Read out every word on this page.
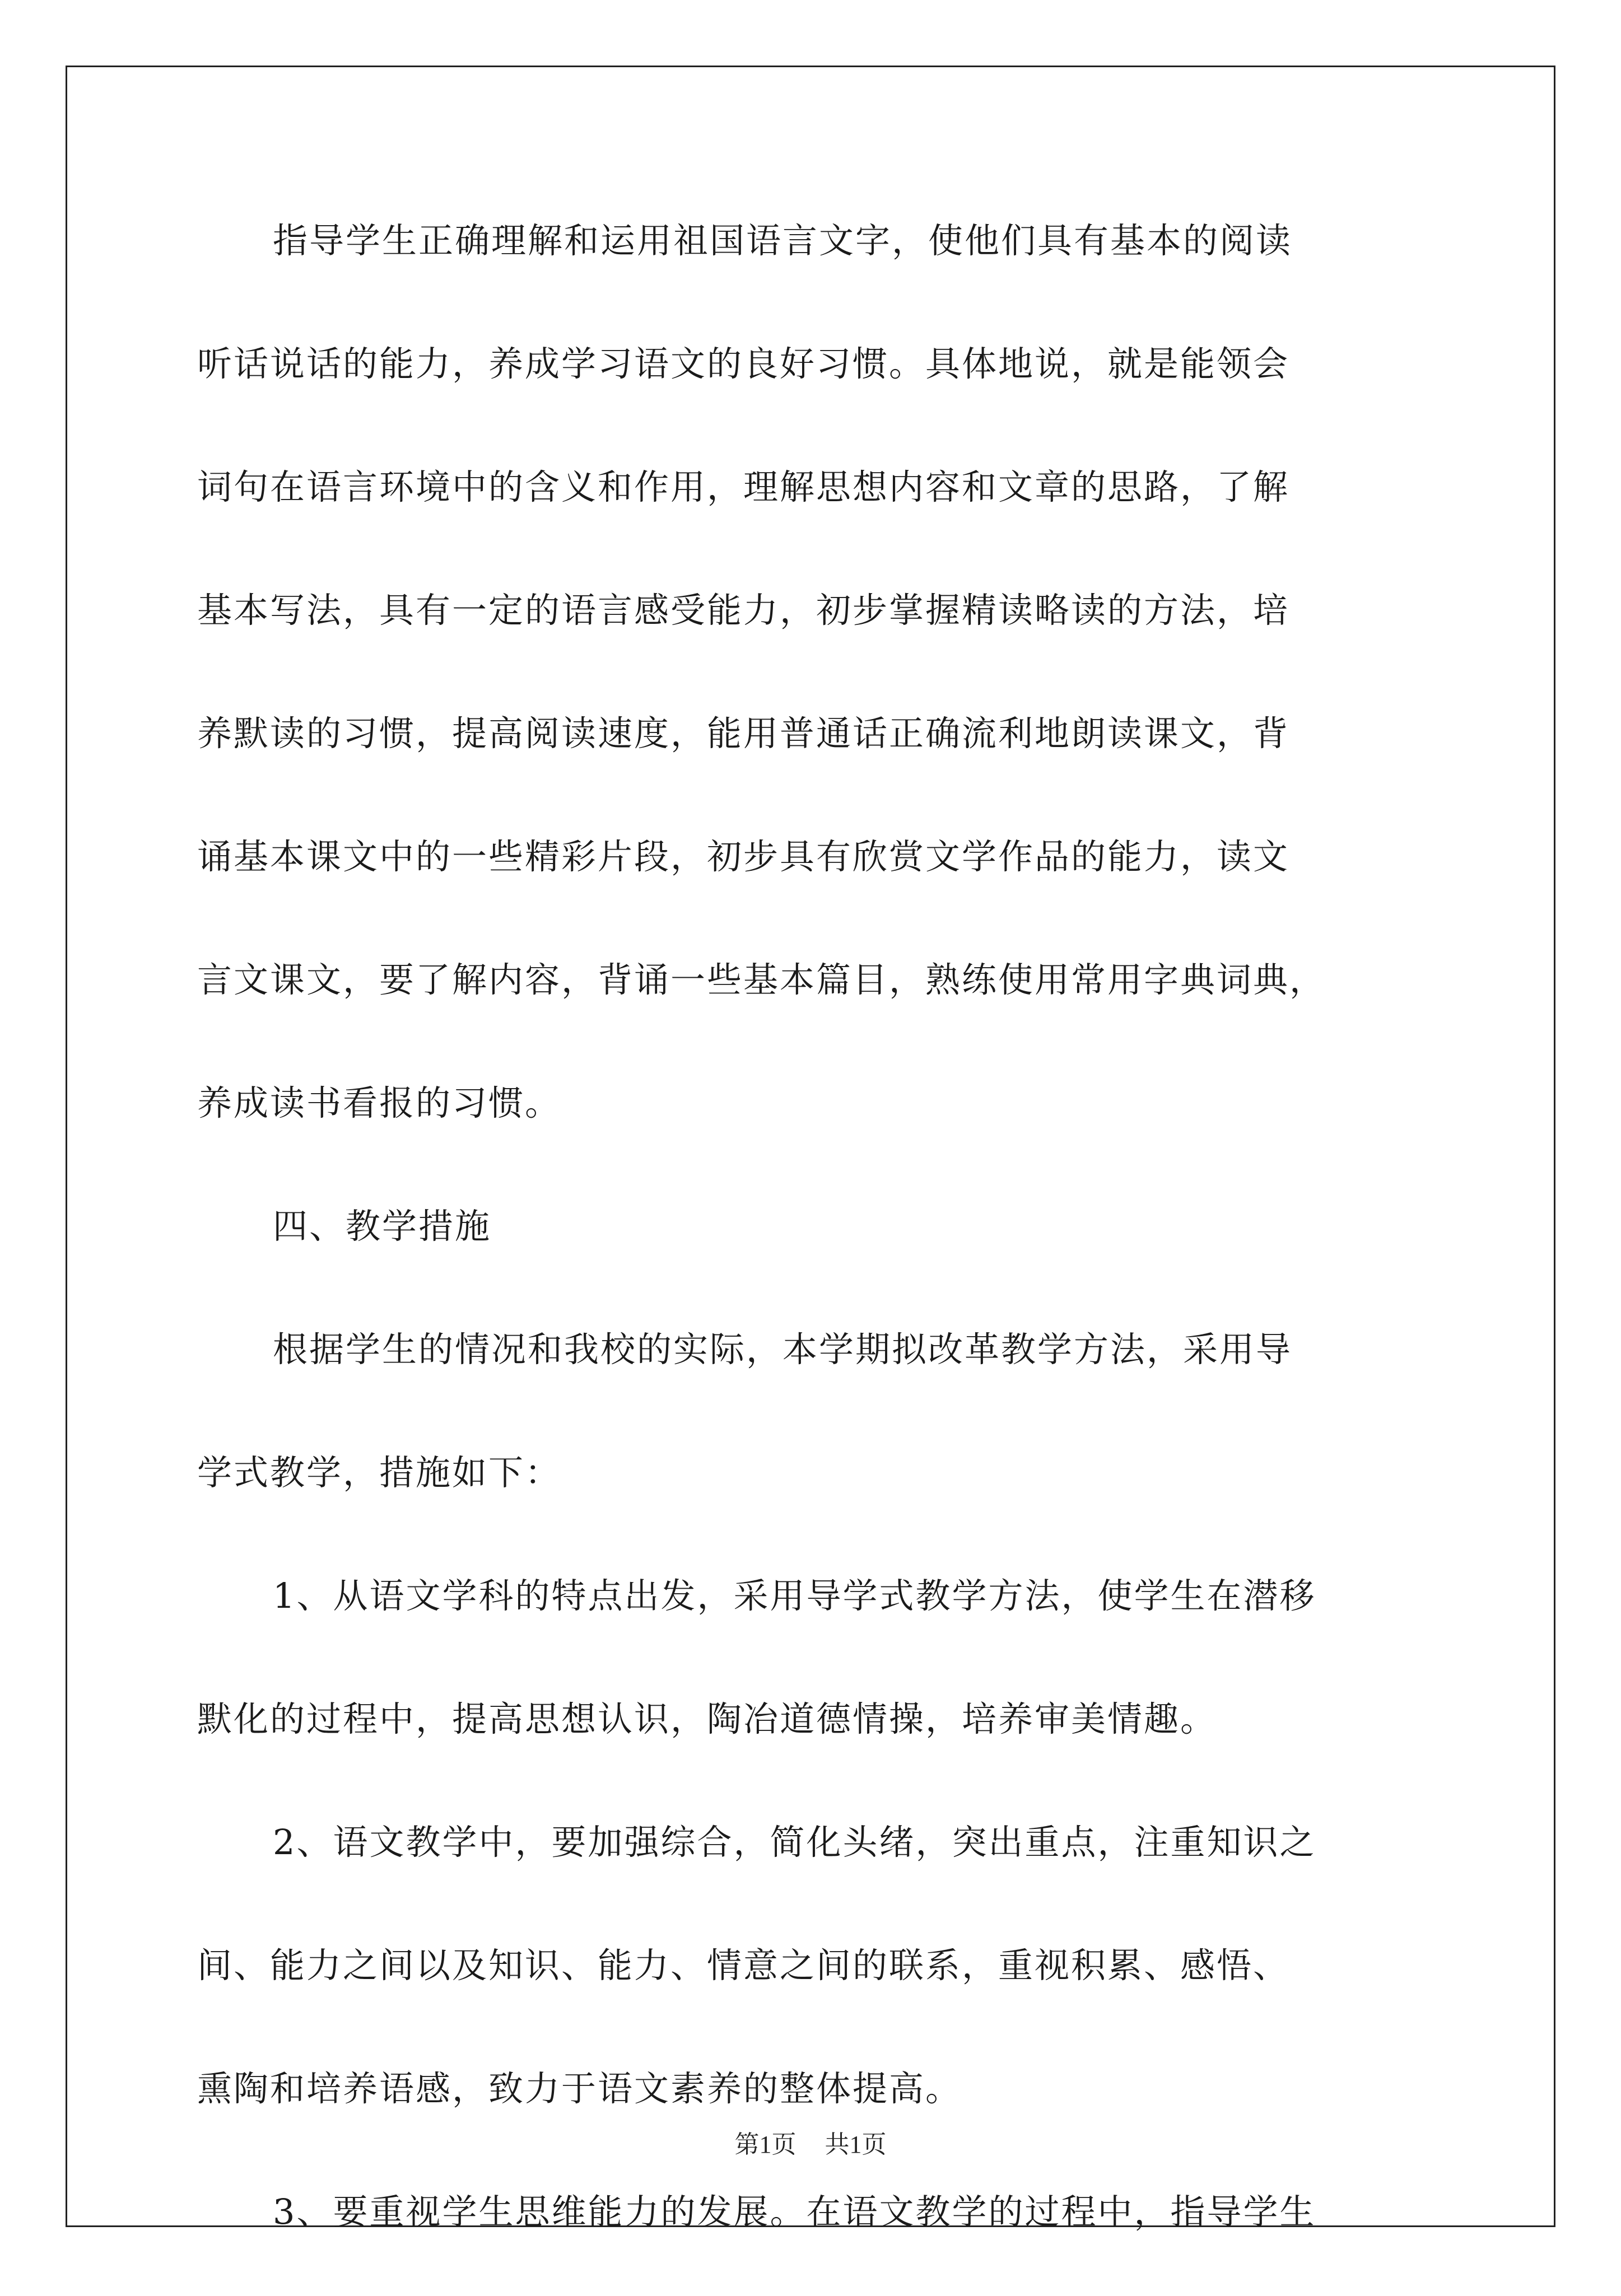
指导学生正确理解和运用祖国语言文字，使他们具有基本的阅读
听话说话的能力，养成学习语文的良好习惯。具体地说，就是能领会
词句在语言环境中的含义和作用，理解思想内容和文章的思路，了解
基本写法，具有一定的语言感受能力，初步掌握精读略读的方法，培
养默读的习惯，提高阅读速度，能用普通话正确流利地朗读课文，背
诵基本课文中的一些精彩片段，初步具有欣赏文学作品的能力，读文
言文课文，要了解内容，背诵一些基本篇目，熟练使用常用字典词典，
养成读书看报的习惯。
四、教学措施
根据学生的情况和我校的实际，本学期拟改革教学方法，采用导
学式教学，措施如下：
1、从语文学科的特点出发，采用导学式教学方法，使学生在潜移
默化的过程中，提高思想认识，陶冶道德情操，培养审美情趣。
2、语文教学中，要加强综合，简化头绪，突出重点，注重知识之
间、能力之间以及知识、能力、情意之间的联系，重视积累、感悟、
熏陶和培养语感，致力于语文素养的整体提高。
3、要重视学生思维能力的发展。在语文教学的过程中，指导学生
第1页 共1页
